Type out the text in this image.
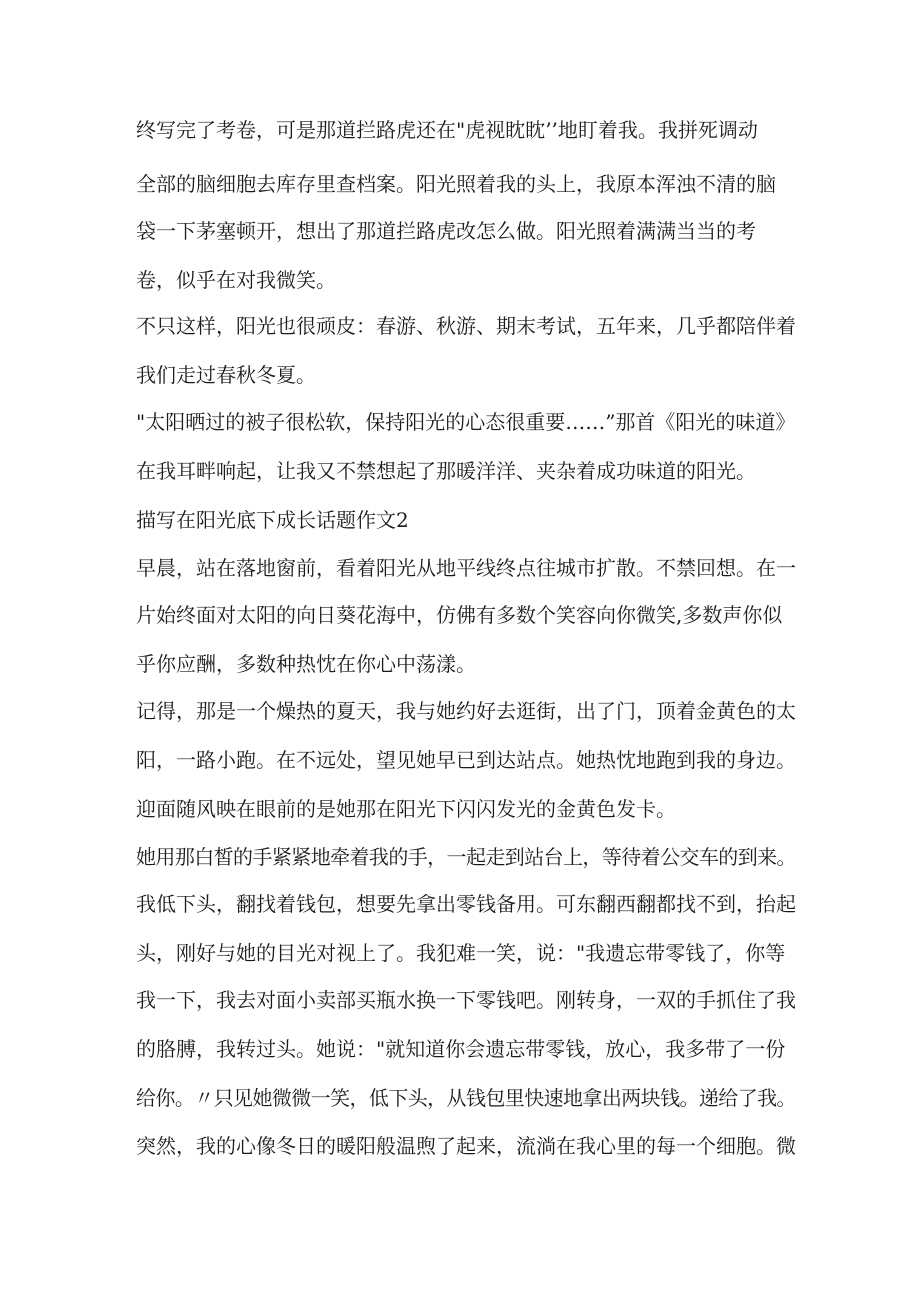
终写完了考卷，可是那道拦路虎还在"虎视眈眈’’地盯着我。我拼死调动

全部的脑细胞去库存里查档案。阳光照着我的头上，我原本浑浊不清的脑

袋一下茅塞顿开，想出了那道拦路虎改怎么做。阳光照着满满当当的考

卷，似乎在对我微笑。

不只这样，阳光也很顽皮：春游、秋游、期末考试，五年来，几乎都陪伴着

我们走过春秋冬夏。

"太阳晒过的被子很松软，保持阳光的心态很重要……”那首《阳光的味道》

在我耳畔响起，让我又不禁想起了那暖洋洋、夹杂着成功味道的阳光。

描写在阳光底下成长话题作文2

早晨，站在落地窗前，看着阳光从地平线终点往城市扩散。不禁回想。在一

片始终面对太阳的向日葵花海中，仿佛有多数个笑容向你微笑,多数声你似

乎你应酬，多数种热忱在你心中荡漾。

记得，那是一个燥热的夏天，我与她约好去逛街，出了门，顶着金黄色的太

阳，一路小跑。在不远处，望见她早已到达站点。她热忱地跑到我的身边。

迎面随风映在眼前的是她那在阳光下闪闪发光的金黄色发卡。

她用那白皙的手紧紧地牵着我的手，一起走到站台上，等待着公交车的到来。

我低下头，翻找着钱包，想要先拿出零钱备用。可东翻西翻都找不到，抬起

头，刚好与她的目光对视上了。我犯难一笑，说："我遗忘带零钱了，你等

我一下，我去对面小卖部买瓶水换一下零钱吧。刚转身，一双的手抓住了我

的胳膊，我转过头。她说："就知道你会遗忘带零钱，放心，我多带了一份

给你。〃只见她微微一笑，低下头，从钱包里快速地拿出两块钱。递给了我。

突然，我的心像冬日的暖阳般温煦了起来，流淌在我心里的每一个细胞。微
